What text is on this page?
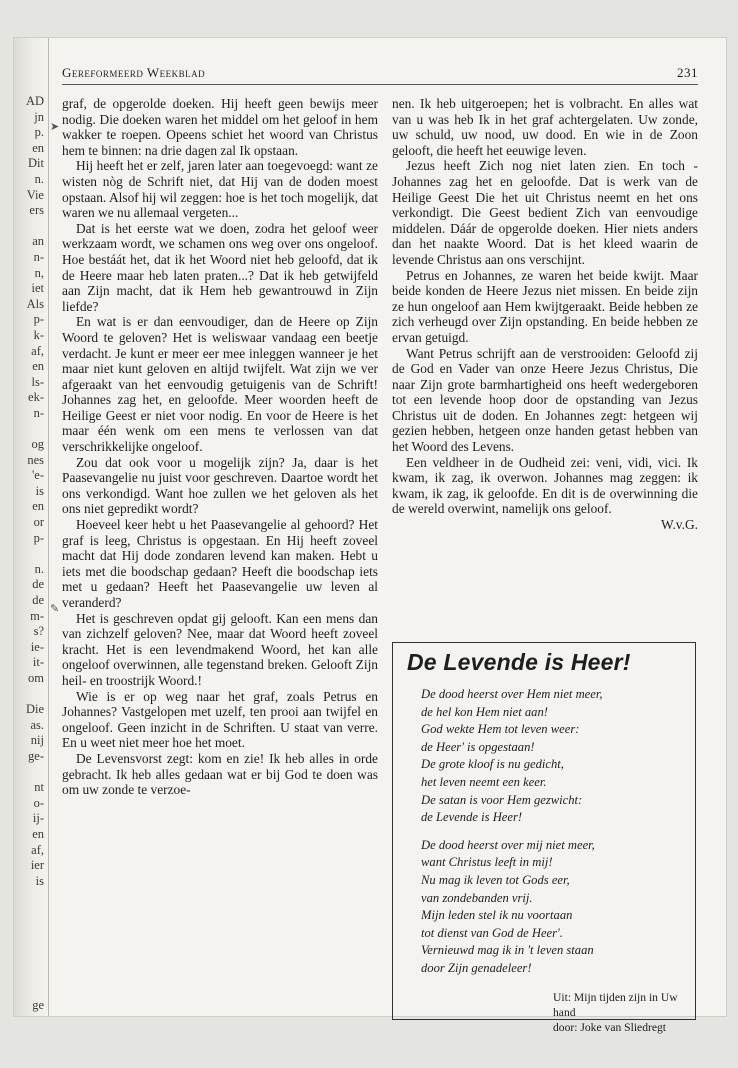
AD
jn
p.
en
Dit
n.
Vie
ers
an
n-
n,
iet
Als
p-
k-
af,
en
ls-
ek-
n-
og
nes
'e-
is
en
or
p-
n.
de
de
m-
s?
ie-
it-
om
Die
as.
nij
ge-
nt
o-
ij-
en
af,
ier
is
ge
Gereformeerd Weekblad	231

graf, de opgerolde doeken. Hij heeft geen bewijs meer nodig. Die doeken waren het middel om het geloof in hem wakker te roepen. Opeens schiet het woord van Christus hem te binnen: na drie dagen zal Ik opstaan.

Hij heeft het er zelf, jaren later aan toegevoegd: want ze wisten nòg de Schrift niet, dat Hij van de doden moest opstaan. Alsof hij wil zeggen: hoe is het toch mogelijk, dat waren we nu allemaal vergeten...

Dat is het eerste wat we doen, zodra het geloof weer werkzaam wordt, we schamen ons weg over ons ongeloof. Hoe bestáát het, dat ik het Woord niet heb geloofd, dat ik de Heere maar heb laten praten...? Dat ik heb getwijfeld aan Zijn macht, dat ik Hem heb gewantrouwd in Zijn liefde?

En wat is er dan eenvoudiger, dan de Heere op Zijn Woord te geloven? Het is weliswaar vandaag een beetje verdacht. Je kunt er meer eer mee inleggen wanneer je het maar niet kunt geloven en altijd twijfelt. Wat zijn we ver afgeraakt van het eenvoudig getuigenis van de Schrift! Johannes zag het, en geloofde. Meer woorden heeft de Heilige Geest er niet voor nodig. En voor de Heere is het maar één wenk om een mens te verlossen van dat verschrikkelijke ongeloof.

Zou dat ook voor u mogelijk zijn? Ja, daar is het Paasevangelie nu juist voor geschreven. Daartoe wordt het ons verkondigd. Want hoe zullen we het geloven als het ons niet gepredikt wordt?

Hoeveel keer hebt u het Paasevangelie al gehoord? Het graf is leeg, Christus is opgestaan. En Hij heeft zoveel macht dat Hij dode zondaren levend kan maken. Hebt u iets met die boodschap gedaan? Heeft die boodschap iets met u gedaan? Heeft het Paasevangelie uw leven al veranderd?

Het is geschreven opdat gij gelooft. Kan een mens dan van zichzelf geloven? Nee, maar dat Woord heeft zoveel kracht. Het is een levendmakend Woord, het kan alle ongeloof overwinnen, alle tegenstand breken. Gelooft Zijn heil- en troostrijk Woord.!

Wie is er op weg naar het graf, zoals Petrus en Johannes? Vastgelopen met uzelf, ten prooi aan twijfel en ongeloof. Geen inzicht in de Schriften. U staat van verre. En u weet niet meer hoe het moet.

De Levensvorst zegt: kom en zie! Ik heb alles in orde gebracht. Ik heb alles gedaan wat er bij God te doen was om uw zonde te verzoe-

nen. Ik heb uitgeroepen; het is volbracht. En alles wat van u was heb Ik in het graf achtergelaten. Uw zonde, uw schuld, uw nood, uw dood. En wie in de Zoon gelooft, die heeft het eeuwige leven.

Jezus heeft Zich nog niet laten zien. En toch - Johannes zag het en geloofde. Dat is werk van de Heilige Geest Die het uit Christus neemt en het ons verkondigt. Die Geest bedient Zich van eenvoudige middelen. Dáár de opgerolde doeken. Hier niets anders dan het naakte Woord. Dat is het kleed waarin de levende Christus aan ons verschijnt.

Petrus en Johannes, ze waren het beide kwijt. Maar beide konden de Heere Jezus niet missen. En beide zijn ze hun ongeloof aan Hem kwijtgeraakt. Beide hebben ze zich verheugd over Zijn opstanding. En beide hebben ze ervan getuigd.

Want Petrus schrijft aan de verstrooiden: Geloofd zij de God en Vader van onze Heere Jezus Christus, Die naar Zijn grote barmhartigheid ons heeft wedergeboren tot een levende hoop door de opstanding van Jezus Christus uit de doden. En Johannes zegt: hetgeen wij gezien hebben, hetgeen onze handen getast hebben van het Woord des Levens.

Een veldheer in de Oudheid zei: veni, vidi, vici. Ik kwam, ik zag, ik overwon. Johannes mag zeggen: ik kwam, ik zag, ik geloofde. En dit is de overwinning die de wereld overwint, namelijk ons geloof.

W.v.G.
De Levende is Heer!
De dood heerst over Hem niet meer,
de hel kon Hem niet aan!
God wekte Hem tot leven weer:
de Heer' is opgestaan!
De grote kloof is nu gedicht,
het leven neemt een keer.
De satan is voor Hem gezwicht:
de Levende is Heer!
De dood heerst over mij niet meer,
want Christus leeft in mij!
Nu mag ik leven tot Gods eer,
van zondebanden vrij.
Mijn leden stel ik nu voortaan
tot dienst van God de Heer'.
Vernieuwd mag ik in 't leven staan
door Zijn genadeleer!
Uit: Mijn tijden zijn in Uw hand
door: Joke van Sliedregt
➤
✎
